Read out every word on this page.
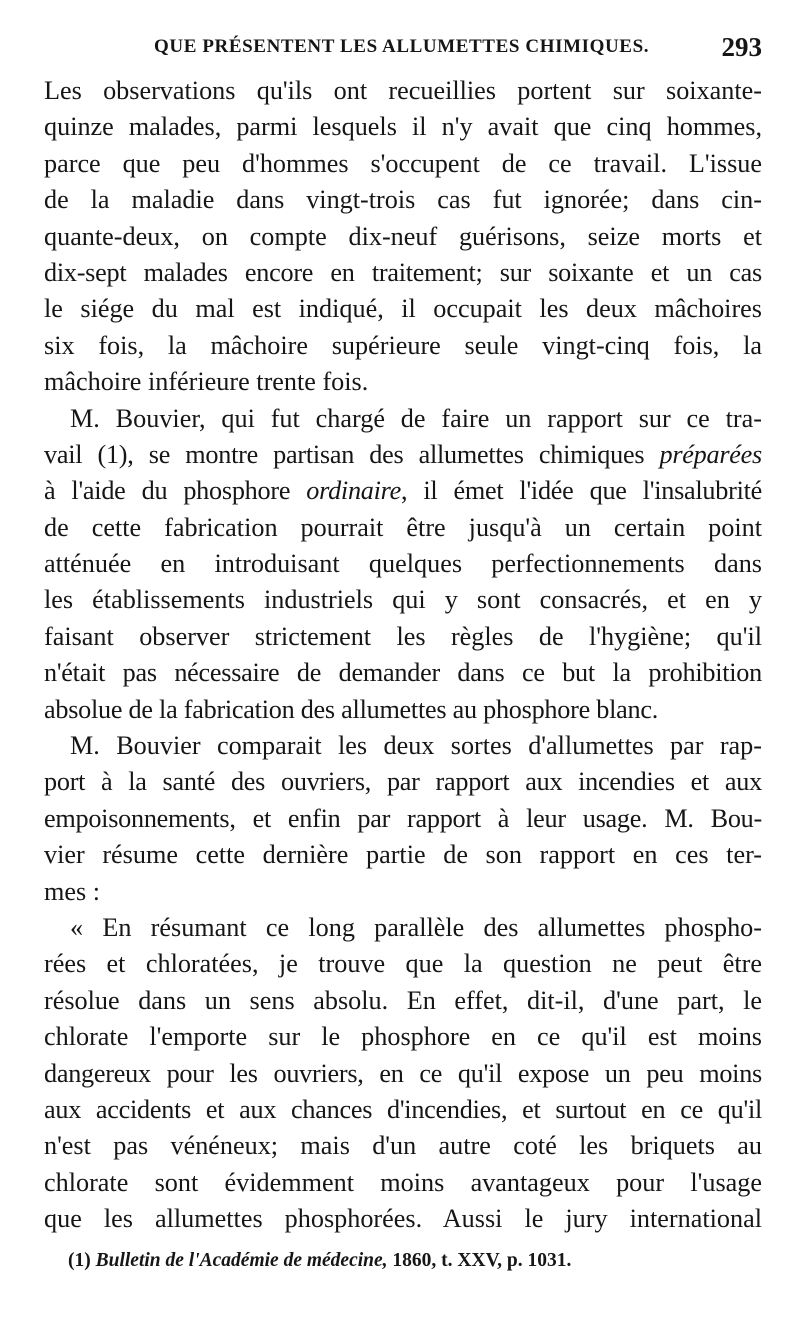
QUE PRÉSENTENT LES ALLUMETTES CHIMIQUES.	293
Les observations qu'ils ont recueillies portent sur soixante-
quinze malades, parmi lesquels il n'y avait que cinq hommes,
parce que peu d'hommes s'occupent de ce travail. L'issue
de la maladie dans vingt-trois cas fut ignorée; dans cin-
quante-deux, on compte dix-neuf guérisons, seize morts et
dix-sept malades encore en traitement; sur soixante et un cas
le siége du mal est indiqué, il occupait les deux mâchoires
six fois, la mâchoire supérieure seule vingt-cinq fois, la
mâchoire inférieure trente fois.
M. Bouvier, qui fut chargé de faire un rapport sur ce tra-
vail (1), se montre partisan des allumettes chimiques préparées
à l'aide du phosphore ordinaire, il émet l'idée que l'insalubrité
de cette fabrication pourrait être jusqu'à un certain point
atténuée en introduisant quelques perfectionnements dans
les établissements industriels qui y sont consacrés, et en y
faisant observer strictement les règles de l'hygiène; qu'il
n'était pas nécessaire de demander dans ce but la prohibition
absolue de la fabrication des allumettes au phosphore blanc.
M. Bouvier comparait les deux sortes d'allumettes par rap-
port à la santé des ouvriers, par rapport aux incendies et aux
empoisonnements, et enfin par rapport à leur usage. M. Bou-
vier résume cette dernière partie de son rapport en ces ter-
mes :
« En résumant ce long parallèle des allumettes phospho-
rées et chloratées, je trouve que la question ne peut être
résolue dans un sens absolu. En effet, dit-il, d'une part, le
chlorate l'emporte sur le phosphore en ce qu'il est moins
dangereux pour les ouvriers, en ce qu'il expose un peu moins
aux accidents et aux chances d'incendies, et surtout en ce qu'il
n'est pas vénéneux; mais d'un autre coté les briquets au
chlorate sont évidemment moins avantageux pour l'usage
que les allumettes phosphorées. Aussi le jury international
(1) Bulletin de l'Académie de médecine, 1860, t. XXV, p. 1031.
